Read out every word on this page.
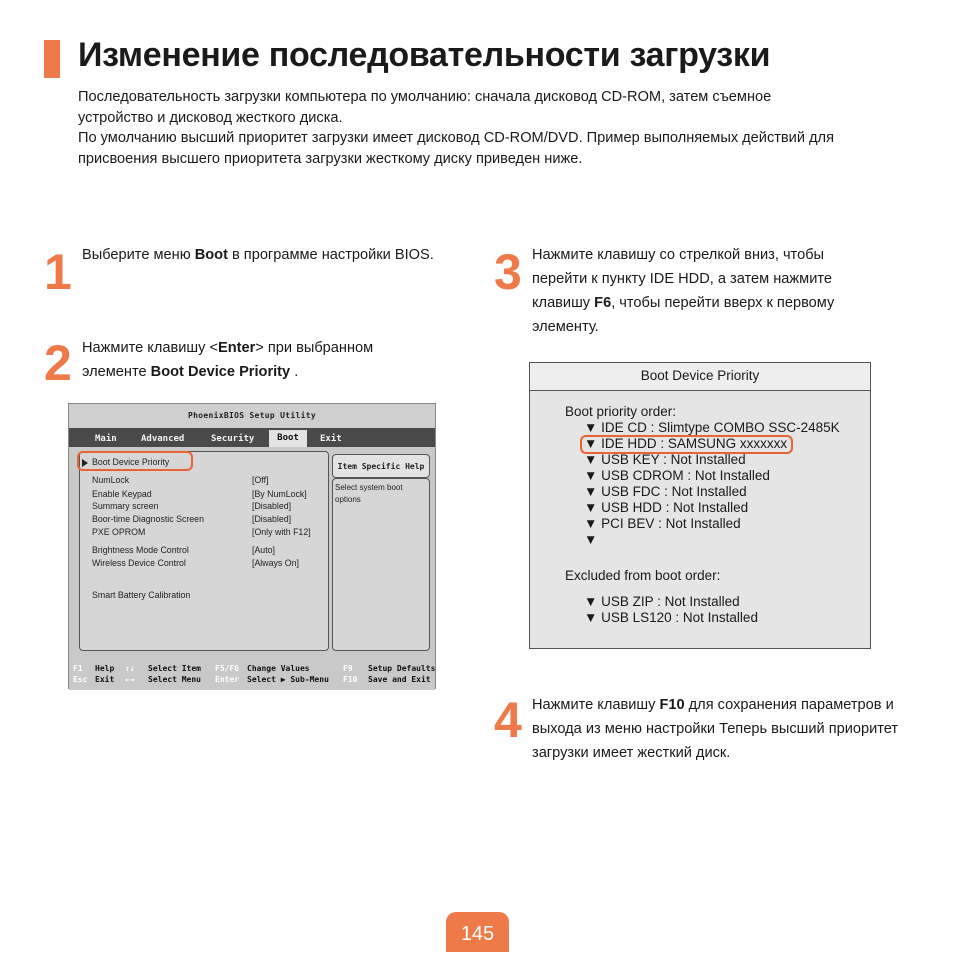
Изменение последовательности загрузки

Последовательность загрузки компьютера по умолчанию: сначала дисковод CD-ROM, затем съемное

устройство и дисковод жесткого диска.

По умолчанию высший приоритет загрузки имеет дисковод CD-ROM/DVD. Пример выполняемых действий для

присвоения высшего приоритета загрузки жесткому диску приведен ниже.

1 Выберите меню Boot в программе настройки BIOS.
2 Нажмите клавишу <Enter> при выбранном элементе Boot Device Priority .
PhoenixBIOS Setup Utility
Main	Advanced	Security	Boot	Exit
Item Specific Help
Select system boot options
Boot Device Priority
NumLock	[Off]
Enable Keypad	[By NumLock]
Summary screen	[Disabled]
Boor-time Diagnostic Screen	[Disabled]
PXE OPROM	[Only with F12]
Brightness Mode Control	[Auto]
Wireless Device Control	[Always On]
Smart Battery Calibration
F1 Help ↑↓ Select Item F5/F6 Change Values	F9 Setup Defaults
Esc Exit ←→ Select Menu Enter Select ▶ Sub-Menu F10 Save and Exit
3 Нажмите клавишу со стрелкой вниз, чтобы перейти к пункту IDE HDD, а затем нажмите клавишу F6, чтобы перейти вверх к первому элементу.
Boot Device Priority
Boot priority order:
▼ IDE CD : Slimtype COMBO SSC-2485K
▼ IDE HDD : SAMSUNG xxxxxxx
▼ USB KEY : Not Installed
▼ USB CDROM : Not Installed
▼ USB FDC : Not Installed
▼ USB HDD : Not Installed
▼ PCI BEV : Not Installed
▼
Excluded from boot order:
▼ USB ZIP : Not Installed
▼ USB LS120 : Not Installed
4 Нажмите клавишу F10 для сохранения параметров и выхода из меню настройки Теперь высший приоритет загрузки имеет жесткий диск.
145
